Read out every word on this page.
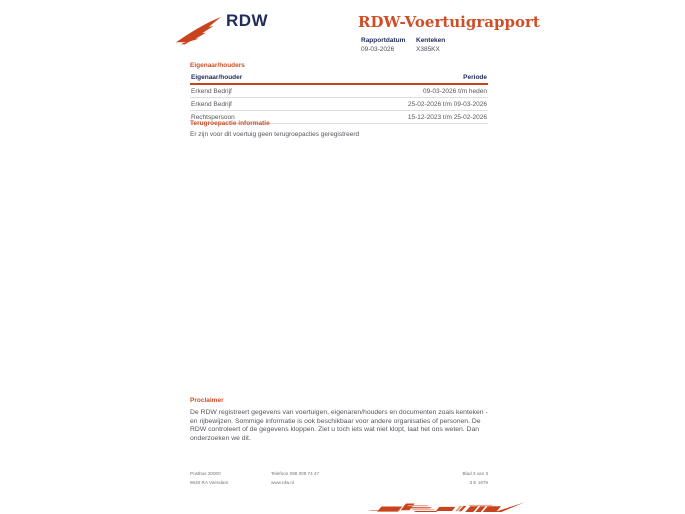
RDW	RDW-Voertuigrapport
Rapportdatum
09-03-2026
Kenteken
X385KX
Eigenaar/houders
Eigenaar/houder	Periode
Erkend Bedrijf	09-03-2026 t/m heden
Erkend Bedrijf	25-02-2026 t/m 09-03-2026
Rechtspersoon	15-12-2023 t/m 25-02-2026
Terugroepactie informatie
Er zijn voor dit voertuig geen terugroepacties geregistreerd
Proclaimer
De RDW registreert gegevens van voertuigen, eigenaren/houders en documenten zoals kenteken - en rijbewijzen. Sommige informatie is ook beschikbaar voor andere organisaties of personen. De RDW controleert of de gegevens kloppen. Ziet u toch iets wat niet klopt, laat het ons weten. Dan onderzoeken we dit.
Postbus 30000
9640 RA Veendam
Telefoon 088 008 74 47
www.rdw.nl
Blad 3 van 3
3 E 1679
